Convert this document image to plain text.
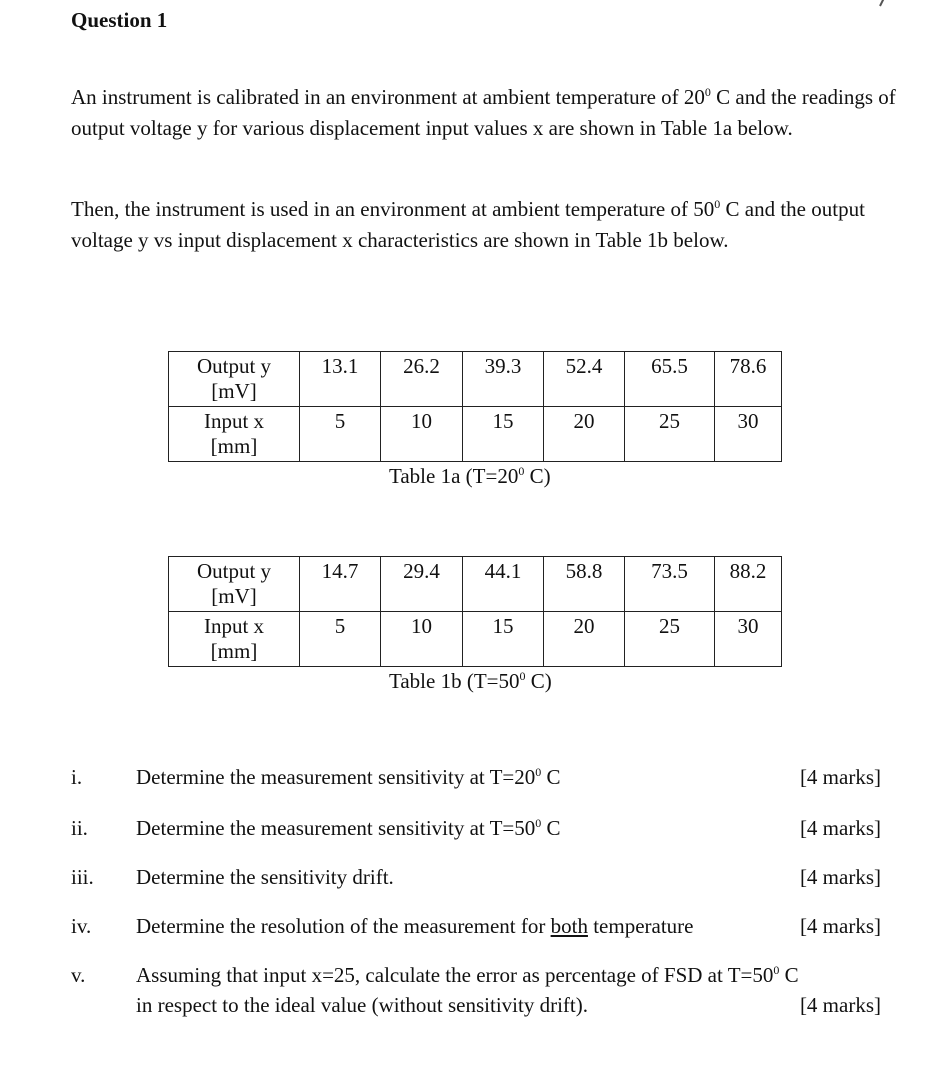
Question 1
An instrument is calibrated in an environment at ambient temperature of $20^0$ C and the readings of output voltage y for various displacement input values x are shown in Table 1a below.
Then, the instrument is used in an environment at ambient temperature of $50^0$ C and the output voltage y vs input displacement x characteristics are shown in Table 1b below.
Output y
[mV]	13.1	26.2	39.3	52.4	65.5	78.6
Input x
[mm]	5	10	15	20	25	30
Table 1a ($T=20^0$ C)
Output y
[mV]	14.7	29.4	44.1	58.8	73.5	88.2
Input x
[mm]	5	10	15	20	25	30
Table 1b ($T=50^0$ C)
i.	Determine the measurement sensitivity at $T=20^0$ C	[4 marks]
ii. Determine the measurement sensitivity at $T=50^0$ C	[4 marks]
iii. Determine the sensitivity drift.	[4 marks]
iv. Determine the resolution of the measurement for both temperature	[4 marks]
v. Assuming that input x=25, calculate the error as percentage of FSD at $T=50^0$ C
in respect to the ideal value (without sensitivity drift).	[4 marks]
